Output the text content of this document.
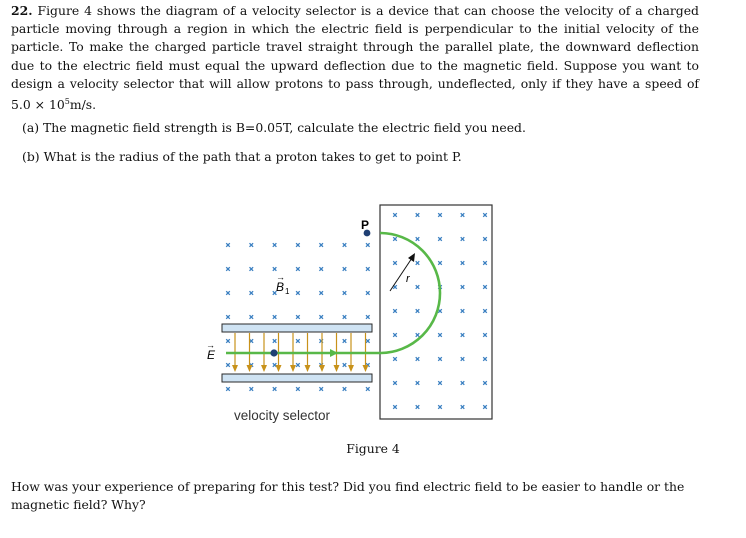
22. Figure 4 shows the diagram of a velocity selector is a device that can choose the velocity of a charged particle moving through a region in which the electric field is perpendicular to the initial velocity of the particle. To make the charged particle travel straight through the parallel plate, the downward deflection due to the electric field must equal the upward deflection due to the magnetic field. Suppose you want to design a velocity selector that will allow protons to pass through, undeflected, only if they have a speed of $5.0 \times 10^5m/s$.
(a) The magnetic field strength is B=0.05T, calculate the electric field you need.
(b) What is the radius of the path that a proton takes to get to point P.
P
r
B
→
1
E
→
velocity selector
Figure 4
How was your experience of preparing for this test? Did you find electric field to be easier to handle or the magnetic field? Why?
